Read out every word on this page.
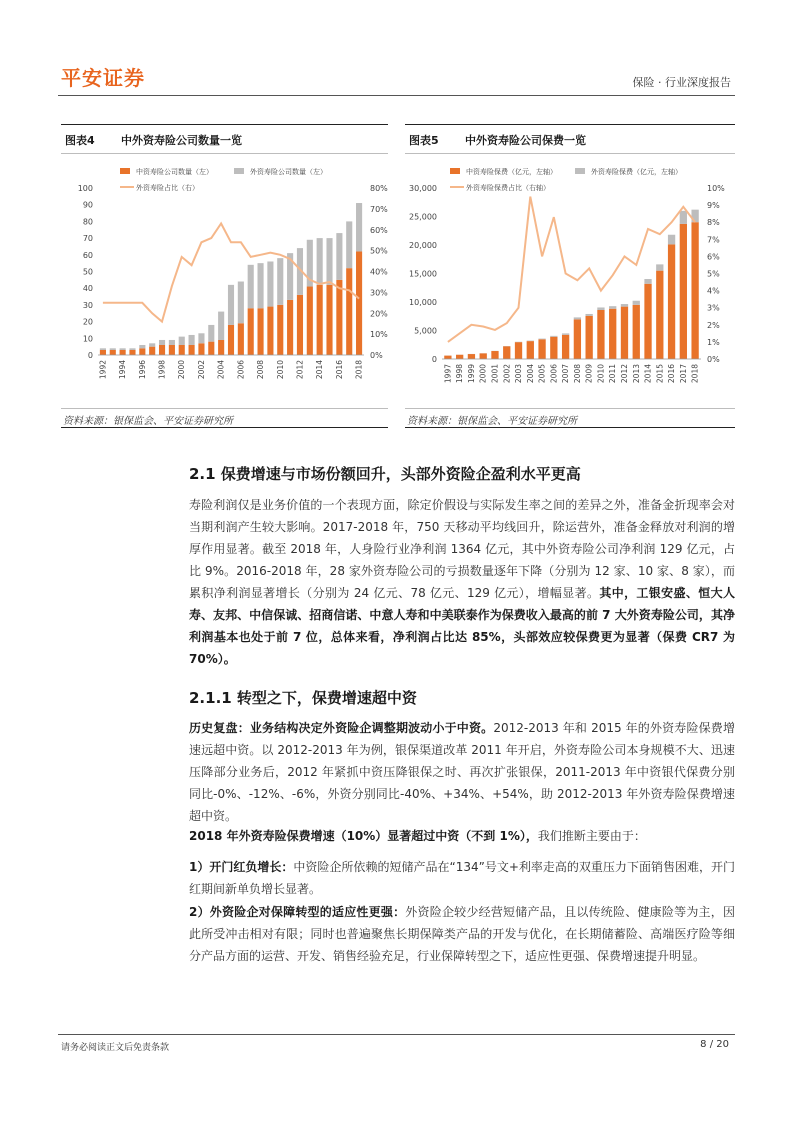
平安证券	保险 · 行业深度报告
图表4 中外资寿险公司数量一览
中资寿险公司数量（左）	外资寿险公司数量（左）
外资寿险占比（右）
0
10
20
30
40
50
60
70
80
90
100
0%
10%
20%
30%
40%
50%
60%
70%
80%
1992 1994 1996 1998 2000 2002 2004 2006 2008 2010 2012 2014 2016 2018
资料来源：银保监会、平安证券研究所
图表5 中外资寿险公司保费一览
中资寿险保费（亿元，左轴）	外资寿险保费（亿元，左轴）
外资寿险保费占比（右轴）
0
5,000
10,000
15,000
20,000
25,000
30,000
0%
1%
2%
3%
4%
5%
6%
7%
8%
9%
10%
1997 1998 1999 2000 2001 2002 2003 2004 2005 2006 2007 2008 2009 2010 2011 2012 2013 2014 2015 2016 2017 2018
资料来源：银保监会、平安证券研究所
2.1 保费增速与市场份额回升，头部外资险企盈利水平更高

寿险利润仅是业务价值的一个表现方面，除定价假设与实际发生率之间的差异之外，准备金折现率会对当期利润产生较大影响。2017-2018 年，750 天移动平均线回升，除运营外，准备金释放对利润的增厚作用显著。截至 2018 年，人身险行业净利润 1364 亿元，其中外资寿险公司净利润 129 亿元，占比 9%。2016-2018 年，28 家外资寿险公司的亏损数量逐年下降（分别为 12 家、10 家、8 家），而累积净利润显著增长（分别为 24 亿元、78 亿元、129 亿元），增幅显著。其中，工银安盛、恒大人寿、友邦、中信保诚、招商信诺、中意人寿和中美联泰作为保费收入最高的前 7 大外资寿险公司，其净利润基本也处于前 7 位，总体来看，净利润占比达 85%，头部效应较保费更为显著（保费 CR7 为 70%）。

2.1.1 转型之下，保费增速超中资

历史复盘：业务结构决定外资险企调整期波动小于中资。2012-2013 年和 2015 年的外资寿险保费增速远超中资。以 2012-2013 年为例，银保渠道改革 2011 年开启，外资寿险公司本身规模不大、迅速压降部分业务后，2012 年紧抓中资压降银保之时、再次扩张银保，2011-2013 年中资银代保费分别同比-0%、-12%、-6%，外资分别同比-40%、+34%、+54%，助 2012-2013 年外资寿险保费增速超中资。

2018 年外资寿险保费增速（10%）显著超过中资（不到 1%），我们推断主要由于：

1）开门红负增长：中资险企所依赖的短储产品在“134”号文+利率走高的双重压力下面销售困难，开门红期间新单负增长显著。

2）外资险企对保障转型的适应性更强：外资险企较少经营短储产品，且以传统险、健康险等为主，因此所受冲击相对有限；同时也普遍聚焦长期保障类产品的开发与优化，在长期储蓄险、高端医疗险等细分产品方面的运营、开发、销售经验充足，行业保障转型之下，适应性更强、保费增速提升明显。

请务必阅读正文后免责条款	8 / 20
